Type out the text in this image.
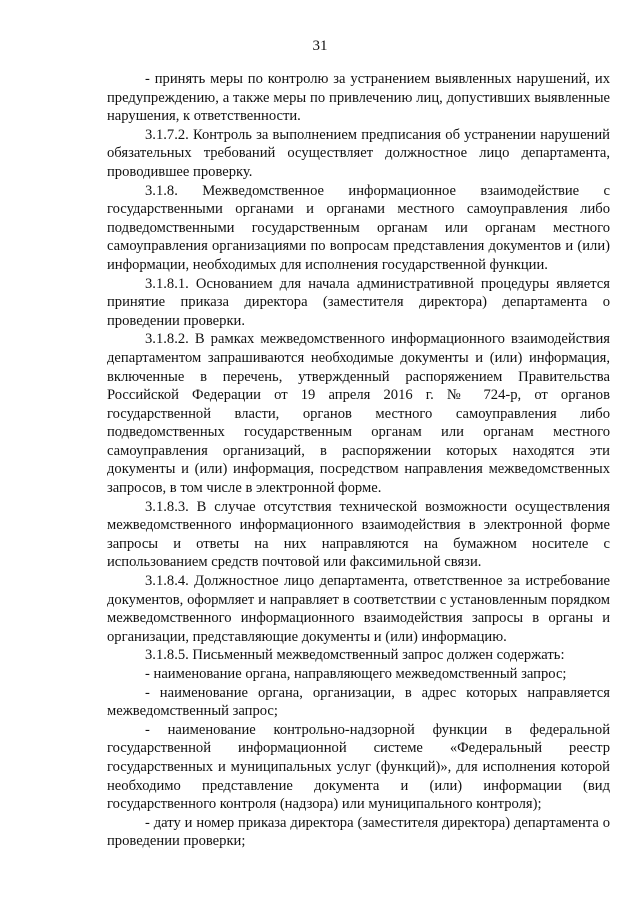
31

- принять меры по контролю за устранением выявленных нарушений, их предупреждению, а также меры по привлечению лиц, допустивших выявленные нарушения, к ответственности.

3.1.7.2. Контроль за выполнением предписания об устранении нарушений обязательных требований осуществляет должностное лицо департамента, проводившее проверку.

3.1.8. Межведомственное информационное взаимодействие с государственными органами и органами местного самоуправления либо подведомственными государственным органам или органам местного самоуправления организациями по вопросам представления документов и (или) информации, необходимых для исполнения государственной функции.

3.1.8.1. Основанием для начала административной процедуры является принятие приказа директора (заместителя директора) департамента о проведении проверки.

3.1.8.2. В рамках межведомственного информационного взаимодействия департаментом запрашиваются необходимые документы и (или) информация, включенные в перечень, утвержденный распоряжением Правительства Российской Федерации от 19 апреля 2016 г. № 724-р, от органов государственной власти, органов местного самоуправления либо подведомственных государственным органам или органам местного самоуправления организаций, в распоряжении которых находятся эти документы и (или) информация, посредством направления межведомственных запросов, в том числе в электронной форме.

3.1.8.3. В случае отсутствия технической возможности осуществления межведомственного информационного взаимодействия в электронной форме запросы и ответы на них направляются на бумажном носителе с использованием средств почтовой или факсимильной связи.

3.1.8.4. Должностное лицо департамента, ответственное за истребование документов, оформляет и направляет в соответствии с установленным порядком межведомственного информационного взаимодействия запросы в органы и организации, представляющие документы и (или) информацию.

3.1.8.5. Письменный межведомственный запрос должен содержать:

- наименование органа, направляющего межведомственный запрос;

- наименование органа, организации, в адрес которых направляется межведомственный запрос;

- наименование контрольно-надзорной функции в федеральной государственной информационной системе «Федеральный реестр государственных и муниципальных услуг (функций)», для исполнения которой необходимо представление документа и (или) информации (вид государственного контроля (надзора) или муниципального контроля);

- дату и номер приказа директора (заместителя директора) департамента о проведении проверки;
